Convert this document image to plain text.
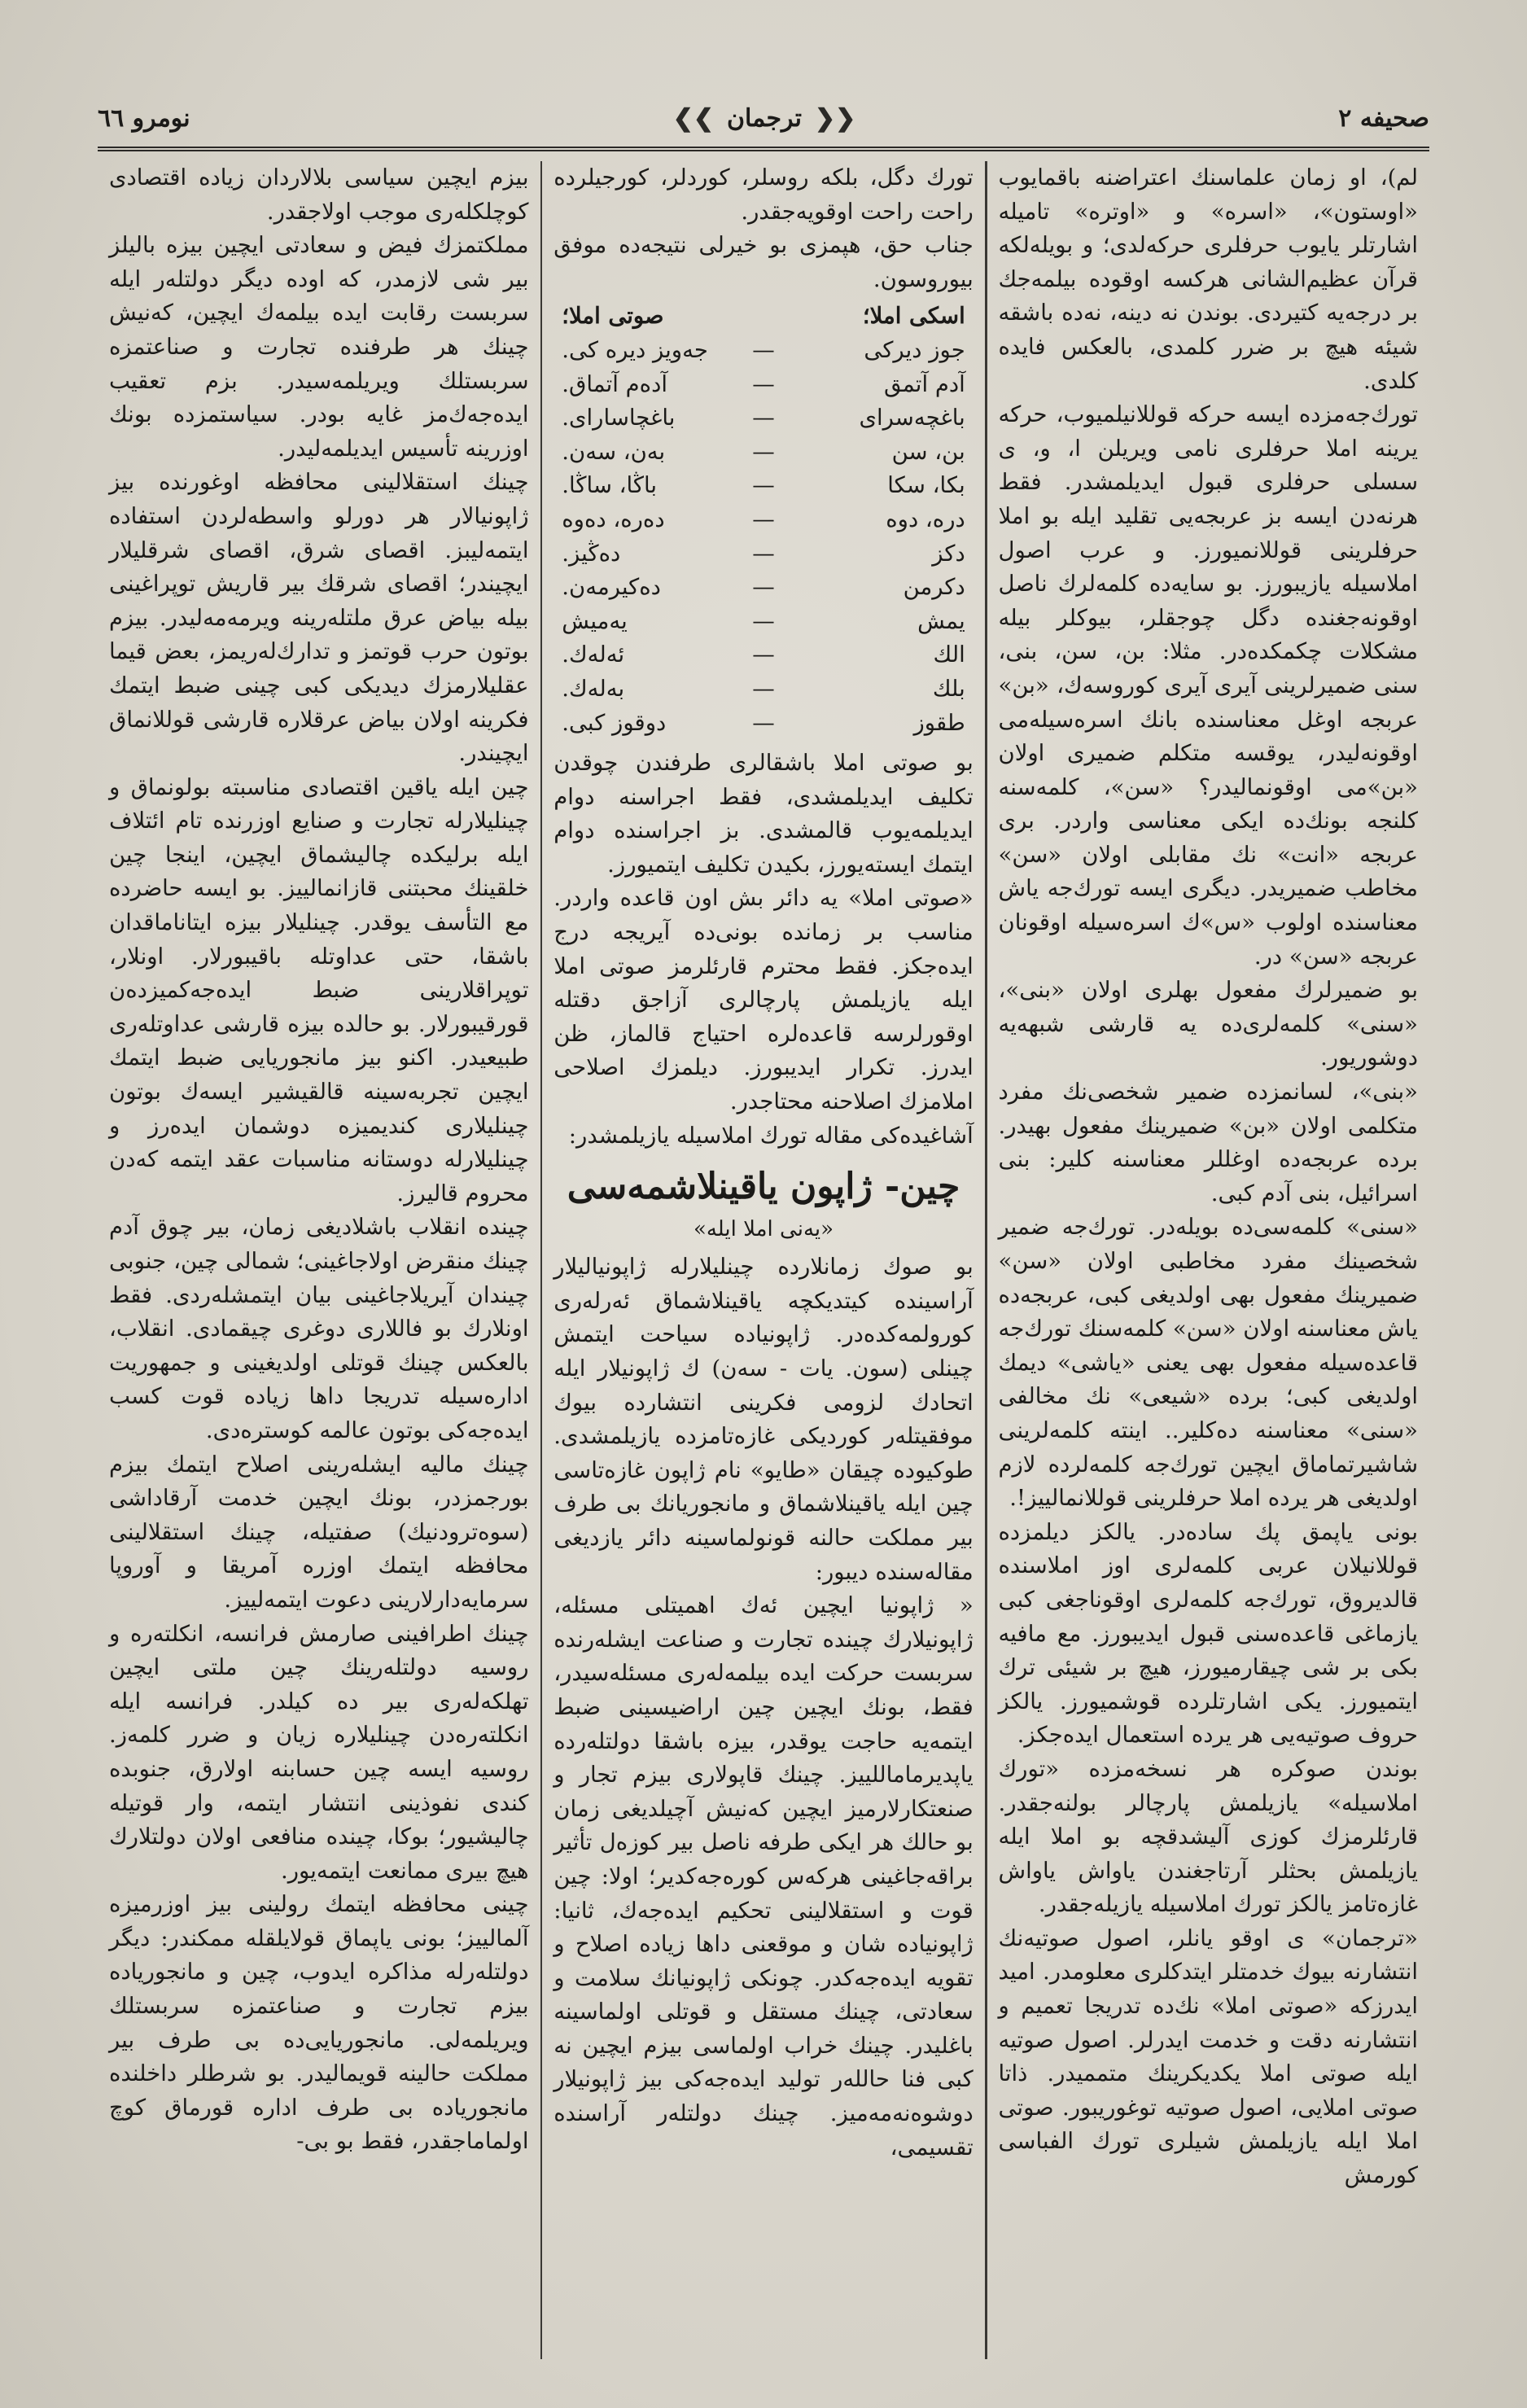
صحيفه ۲
❮❮
ترجمان
❯❯
نومرو ٦٦

لم)، او زمان علماسنك اعتراضنه باقمايوب «اوستون»، «اسره» و «اوتره» تامیله اشارتلر يايوب حرفلری حركه‌لدی؛ و بویله‌لكه قرآن عظیم‌الشانی هركسه اوقوده بیلمه‌جك بر درجه‌یه كتیردی. بوندن نه دینه، نه‌ده باشقه شیئه هیچ بر ضرر كلمدی، بالعكس فایده كلدی.

تورك‌جه‌مزده ایسه حركه قوللانیلمیوب، حركه یرینه املا حرفلری نامی ویریلن ا، و، ی سسلی حرفلری قبول ایدیلمشدر. فقط هرنه‌دن ایسه بز عربجه‌یی تقلید ایله بو املا حرفلرینی قوللانمیورز. و عرب اصول املاسیله یازیبورز. بو سایه‌ده كلمه‌لرك ناصل اوقونه‌جغنده دگل چوجقلر، بیوكلر بیله مشكلات چكمكده‌در. مثلا: بن، سن، بنی، سنی ضمیرلرینی آیری آیری كوروسه‌ك، «بن» عربجه اوغل معناسنده بانك اسره‌سیله‌می اوقونه‌لیدر، یوقسه متكلم ضمیری اولان «بن»‌می اوقونمالیدر؟ «سن»، كلمه‌سنه كلنجه بونك‌ده ایكی معناسی واردر. بری عربجه «انت» نك مقابلی اولان «سن» مخاطب ضمیریدر. دیگری ایسه تورك‌جه یاش معناسنده اولوب «س»‌ك اسره‌سیله اوقونان عربجه «سن» در.

بو ضمیرلرك مفعول بهلری اولان «بنی»، «سنی» كلمه‌لری‌ده یه قارشی شبهه‌یه دوشوریور.

«بنی»، لسانمزده ضمیر شخصی‌نك مفرد متكلمی اولان «بن» ضمیرینك مفعول بهیدر. برده عربجه‌ده اوغللر معناسنه كلیر: بنی اسرائیل، بنی آدم كبی.

«سنی» كلمه‌سی‌ده بویله‌در. تورك‌جه ضمیر شخصینك مفرد مخاطبی اولان «سن» ضمیرینك مفعول بهی اولدیغی كبی، عربجه‌ده یاش معناسنه اولان «سن» كلمه‌سنك تورك‌جه قاعده‌سیله مفعول بهی یعنی «یاشی» دیمك اولدیغی كبی؛ برده «شیعی» نك مخالفی «سنی» معناسنه ده‌كلیر.. اینته كلمه‌لرینی شاشیرتماماق ایچین تورك‌جه كلمه‌لرده لازم اولدیغی هر یرده املا حرفلرینی قوللانمالییز!.

بونی یاپمق پك ساده‌در. یالكز دیلمزده قوللانیلان عربی كلمه‌لری اوز املاسنده قالدیروق، تورك‌جه كلمه‌لری اوقوناجغی كبی یازماغی قاعده‌سنی قبول ایدیبورز. مع مافیه بكی بر شی چیقارمیورز، هیچ بر شیئی ترك ایتمیورز. یكی اشارتلرده قوشمیورز. یالكز حروف صوتیه‌یی هر یرده استعمال ایده‌جكز.

بوندن صوكره هر نسخه‌مزده «تورك املاسیله» یازیلمش پارچالر بولنه‌جقدر. قارئلرمزك كوزی آلیشدقچه بو املا ایله یازیلمش بحثلر آرتاجغندن یاواش یاواش غازه‌تامز یالكز تورك املاسیله یازیله‌جقدر.

«ترجمان» ی اوقو یانلر، اصول صوتیه‌نك انتشارنه بیوك خدمتلر ایتدكلری معلومدر. امید ایدرزكه «صوتی املا» نك‌ده تدریجا تعمیم و انتشارنه دقت و خدمت ایدرلر. اصول صوتیه ایله صوتی املا یكدیكرینك متممیدر. ذاتا صوتی املایی، اصول صوتیه توغوریبور. صوتی املا ایله یازیلمش شیلری تورك الفباسی كورمش

تورك دگل، بلكه روسلر، كوردلر، كورجیلرده راحت راحت اوقویه‌جقدر.

جناب حق، هپمزی بو خیرلی نتیجه‌ده موفق بیوروسون.

اسكی املا؛
صوتی املا؛
جوز دیركی
—
جەویز دیره كی.
آدم آتمق
—
آدەم آتماق.
باغچه‌سرای
—
باغچاسارای.
بن، سن
—
بەن، سەن.
بكا، سكا
—
باڭا، ساڭا.
دره، دوه
—
دەرە، دەوە
دكز
—
دەڭیز.
دكرمن
—
دەكیرمەن.
یمش
—
یەمیش
الك
—
ئەلەك.
بلك
—
بەلەك.
طقوز
—
دوقوز كبی.

بو صوتی املا باشقالری طرفندن چوقدن تكلیف ایدیلمشدی، فقط اجراسنه دوام ایدیلمه‌یوب قالمشدی. بز اجراسنده دوام ایتمك ایسته‌یورز، بكیدن تكلیف ایتمیورز.

«صوتی املا» یه دائر بش اون قاعده واردر. مناسب بر زمانده بونی‌ده آیریجه درج ایده‌جكز. فقط محترم قارئلرمز صوتی املا ایله یازیلمش پارچالری آزاجق دقتله اوقورلرسه قاعده‌لره احتیاج قالماز، ظن ایدرز. تكرار ایدیبورز. دیلمزك اصلاحی املامزك اصلاحنه محتاجدر.

آشاغیده‌كی مقاله تورك املاسیله یازیلمشدر:

چین- ژاپون یاقینلاشمەسی
«یەنی املا ایلە»

بو صوك زمانلاردە چینلیلارلە ژاپونیالیلار آراسینده كیتدیكچه یاقینلاشماق ئەرلەری كورولمەكدەدر. ژاپونیادە سیاحت ایتمش چینلی (سون. یات - سەن) ك ژاپونیلار ایلە اتحادك لزومی فكرینی انتشاردە بیوك موفقیتلەر كوردیكی غازەتامزدە یازیلمشدی. طوكیودە چیقان «طایو» نام ژاپون غازەتاسی چین ایلە یاقینلاشماق و مانجوریانك بی طرف بیر مملكت حالنە قونولماسینە دائر یازدیغی مقالەسندە دیبور:

« ژاپونیا ایچین ئەك اهمیتلی مسئلە، ژاپونیلارك چینده تجارت و صناعت ایشلەرندە سربست حركت ایدە بیلمەلەری مسئلەسیدر، فقط، بونك ایچین چین اراضیسینی ضبط ایتمەیە حاجت یوقدر، بیزه باشقا دولتلەردە یاپدیرماماللییز. چینك قاپولاری بیزم تجار و صنعتكارلارمیز ایچین كەنیش آچیلدیغی زمان بو حالك هر ایكی طرفه ناصل بیر كوزەل تأثیر براقەجاغینی هركەس كورەجەكدیر؛ اولا: چین قوت و استقلالینی تحكیم ایدەجەك، ثانیا: ژاپونیادە شان و موقعنی داها زیادە اصلاح و تقویه ایدەجەكدر. چونكی ژاپونیانك سلامت و سعادتی، چینك مستقل و قوتلی اولماسینە باغلیدر. چینك خراب اولماسی بیزم ایچین نه كبی فنا حاللەر تولید ایدەجەكی بیز ژاپونیلار دوشوه‌نەمەمیز. چینك دولتلەر آراسندە تقسیمی،

بیزم ایچین سیاسی بلالاردان زیادە اقتصادی كوچلكلەری موجب اولاجقدر.

مملكتمزك فیض و سعادتی ایچین بیزه بالیلز بیر شی لازمدر، كه اوده دیگر دولتلەر ایلە سربست رقابت ایدە بیلمەك ایچین، كەنیش چینك هر طرفندە تجارت و صناعتمزه سربستلك ویریلمەسیدر. بزم تعقیب ایدەجەك‌مز غایە بودر. سیاستمزدە بونك اوزرینە تأسیس ایدیلمەلیدر.

چینك استقلالینی محافظە اوغورندە بیز ژاپونیالار هر دورلو واسطەلردن استفادە ایتمەلیبز. اقصای شرق، اقصای شرقلیلار ایچیندر؛ اقصای شرقك بیر قاریش توپراغینی بیلە بیاض عرق ملتلەرینە ویرمەمەلیدر. بیزم بوتون حرب قوتمز و تدارك‌لەریمز، بعض قیما عقلیلارمزك دیدیكی كبی چینی ضبط ایتمك فكرینە اولان بیاض عرقلارە قارشی قوللانماق ایچیندر.

چین ایلە یاقین اقتصادی مناسبتە بولونماق و چینلیلارلە تجارت و صنایع اوزرندە تام ائتلاف ایلە برلیكدە چالیشماق ایچین، اینجا چین خلقینك محبتنی قازانمالییز. بو ایسە حاضرده مع التأسف یوقدر. چینلیلار بیزه ایتاناماقدان باشقا، حتی عداوتله باقیبورلار. اونلار، توپراقلارینی ضبط ایدەجەكمیزدەن قورقیبورلار. بو حالدە بیزە قارشی عداوتلەری طبیعیدر. اكنو بیز مانجوریایی ضبط ایتمك ایچین تجربه‌سینه قالقیشیر ایسه‌ك بوتون چینلیلاری كندیمیزه دوشمان ایدەرز و چینلیلارلە دوستانە مناسبات عقد ایتمە كەدن محروم قالیرز.

چینده انقلاب باشلادیغی زمان، بیر چوق آدم چینك منقرض اولاجاغینی؛ شمالی چین، جنوبی چیندان آیریلاجاغینی بیان ایتمشلەردی. فقط اونلارك بو فاللاری دوغری چیقمادی. انقلاب، بالعكس چینك قوتلی اولدیغینی و جمهوریت ادارەسیلە تدریجا داها زیادە قوت كسب ایدەجەكی بوتون عالمە كوسترەدی.

چینك مالیە ایشلەرینی اصلاح ایتمك بیزم بورجمزدر، بونك ایچین خدمت آرقاداشی (سوەترودنیك) صفتیلە، چینك استقلالینی محافظە ایتمك اوزرە آمریقا و آوروپا سرمایەدارلارینی دعوت ایتمەلییز.

چینك اطرافینی صارمش فرانسە، انكلتەرە و روسیە دولتلەرینك چین ملتی ایچین تهلكەلەری بیر دە كیلدر. فرانسە ایلە انكلتەرەدن چینلیلارە زیان و ضرر كلمەز. روسیە ایسە چین حسابنە اولارق، جنوبدە كندی نفوذینی انتشار ایتمە، وار قوتیلە چالیشیور؛ بوكا، چینده منافعی اولان دولتلارك هیچ بیری ممانعت ایتمەیور.

چینی محافظە ایتمك رولینی بیز اوزرمیزه آلمالییز؛ بونی یاپماق قولایلقلە ممكندر: دیگر دولتلەرلە مذاكرە ایدوب، چین و مانجوریادە بیزم تجارت و صناعتمزه سربستلك ویریلمەلی. مانجوریایی‌دە بی طرف بیر مملكت حالینە قویمالیدر. بو شرطلر داخلندە مانجوریادە بی طرف ادارە قورماق كوچ اولماماجقدر، فقط بو بی-
